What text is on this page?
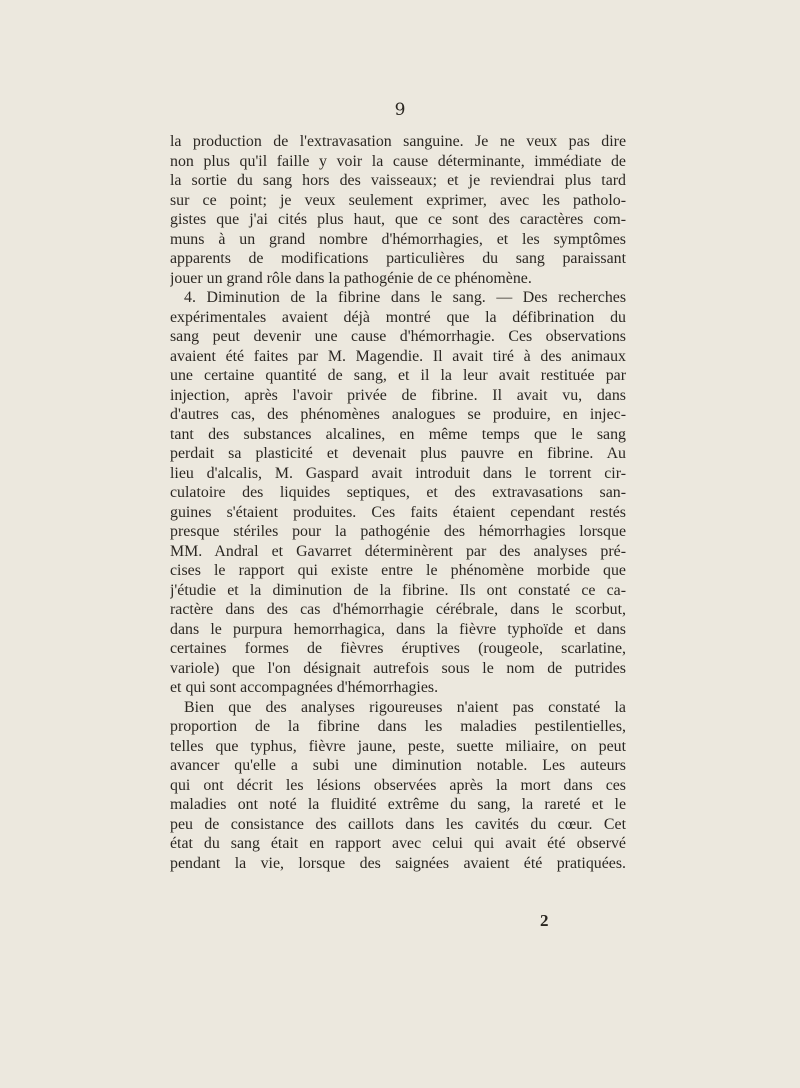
9
la production de l'extravasation sanguine. Je ne veux pas dire
non plus qu'il faille y voir la cause déterminante, immédiate de
la sortie du sang hors des vaisseaux; et je reviendrai plus tard
sur ce point; je veux seulement exprimer, avec les patholo-
gistes que j'ai cités plus haut, que ce sont des caractères com-
muns à un grand nombre d'hémorrhagies, et les symptômes
apparents de modifications particulières du sang paraissant
jouer un grand rôle dans la pathogénie de ce phénomène.
4. Diminution de la fibrine dans le sang. — Des recherches
expérimentales avaient déjà montré que la défibrination du
sang peut devenir une cause d'hémorrhagie. Ces observations
avaient été faites par M. Magendie. Il avait tiré à des animaux
une certaine quantité de sang, et il la leur avait restituée par
injection, après l'avoir privée de fibrine. Il avait vu, dans
d'autres cas, des phénomènes analogues se produire, en injec-
tant des substances alcalines, en même temps que le sang
perdait sa plasticité et devenait plus pauvre en fibrine. Au
lieu d'alcalis, M. Gaspard avait introduit dans le torrent cir-
culatoire des liquides septiques, et des extravasations san-
guines s'étaient produites. Ces faits étaient cependant restés
presque stériles pour la pathogénie des hémorrhagies lorsque
MM. Andral et Gavarret déterminèrent par des analyses pré-
cises le rapport qui existe entre le phénomène morbide que
j'étudie et la diminution de la fibrine. Ils ont constaté ce ca-
ractère dans des cas d'hémorrhagie cérébrale, dans le scorbut,
dans le purpura hemorrhagica, dans la fièvre typhoïde et dans
certaines formes de fièvres éruptives (rougeole, scarlatine,
variole) que l'on désignait autrefois sous le nom de putrides
et qui sont accompagnées d'hémorrhagies.
Bien que des analyses rigoureuses n'aient pas constaté la
proportion de la fibrine dans les maladies pestilentielles,
telles que typhus, fièvre jaune, peste, suette miliaire, on peut
avancer qu'elle a subi une diminution notable. Les auteurs
qui ont décrit les lésions observées après la mort dans ces
maladies ont noté la fluidité extrême du sang, la rareté et le
peu de consistance des caillots dans les cavités du cœur. Cet
état du sang était en rapport avec celui qui avait été observé
pendant la vie, lorsque des saignées avaient été pratiquées.
2
